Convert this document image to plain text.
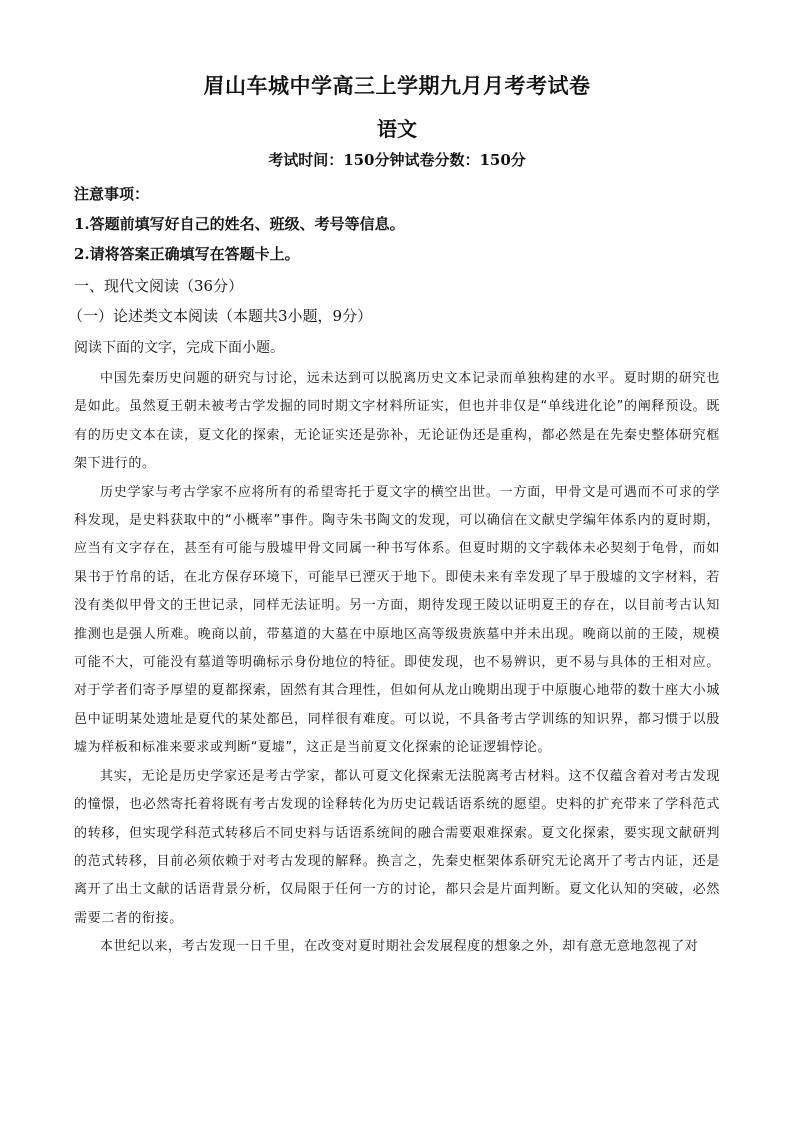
眉山车城中学高三上学期九月月考考试卷
语文
考试时间：150分钟试卷分数：150分
注意事项：
1.答题前填写好自己的姓名、班级、考号等信息。
2.请将答案正确填写在答题卡上。
一、现代文阅读（36分）
（一）论述类文本阅读（本题共3小题，9分）
阅读下面的文字，完成下面小题。

中国先秦历史问题的研究与讨论，远未达到可以脱离历史文本记录而单独构建的水平。夏时期的研究也是如此。虽然夏王朝未被考古学发掘的同时期文字材料所证实，但也并非仅是“单线进化论”的阐释预设。既有的历史文本在读，夏文化的探索，无论证实还是弥补，无论证伪还是重构，都必然是在先秦史整体研究框架下进行的。

历史学家与考古学家不应将所有的希望寄托于夏文字的横空出世。一方面，甲骨文是可遇而不可求的学科发现，是史料获取中的“小概率”事件。陶寺朱书陶文的发现，可以确信在文献史学编年体系内的夏时期，应当有文字存在，甚至有可能与殷墟甲骨文同属一种书写体系。但夏时期的文字载体未必契刻于龟骨，而如果书于竹帛的话，在北方保存环境下，可能早已湮灭于地下。即使未来有幸发现了早于殷墟的文字材料，若没有类似甲骨文的王世记录，同样无法证明。另一方面，期待发现王陵以证明夏王的存在，以目前考古认知推测也是强人所难。晚商以前，带墓道的大墓在中原地区高等级贵族墓中并未出现。晚商以前的王陵，规模可能不大，可能没有墓道等明确标示身份地位的特征。即使发现，也不易辨识，更不易与具体的王相对应。对于学者们寄予厚望的夏都探索，固然有其合理性，但如何从龙山晚期出现于中原腹心地带的数十座大小城邑中证明某处遗址是夏代的某处都邑，同样很有难度。可以说，不具备考古学训练的知识界，都习惯于以殷墟为样板和标准来要求或判断“夏墟”，这正是当前夏文化探索的论证逻辑悖论。

其实，无论是历史学家还是考古学家，都认可夏文化探索无法脱离考古材料。这不仅蕴含着对考古发现的憧憬，也必然寄托着将既有考古发现的诠释转化为历史记载话语系统的愿望。史料的扩充带来了学科范式的转移，但实现学科范式转移后不同史料与话语系统间的融合需要艰难探索。夏文化探索，要实现文献研判的范式转移，目前必须依赖于对考古发现的解释。换言之，先秦史框架体系研究无论离开了考古内证，还是离开了出土文献的话语背景分析，仅局限于任何一方的讨论，都只会是片面判断。夏文化认知的突破，必然需要二者的衔接。

本世纪以来，考古发现一日千里，在改变对夏时期社会发展程度的想象之外，却有意无意地忽视了对
